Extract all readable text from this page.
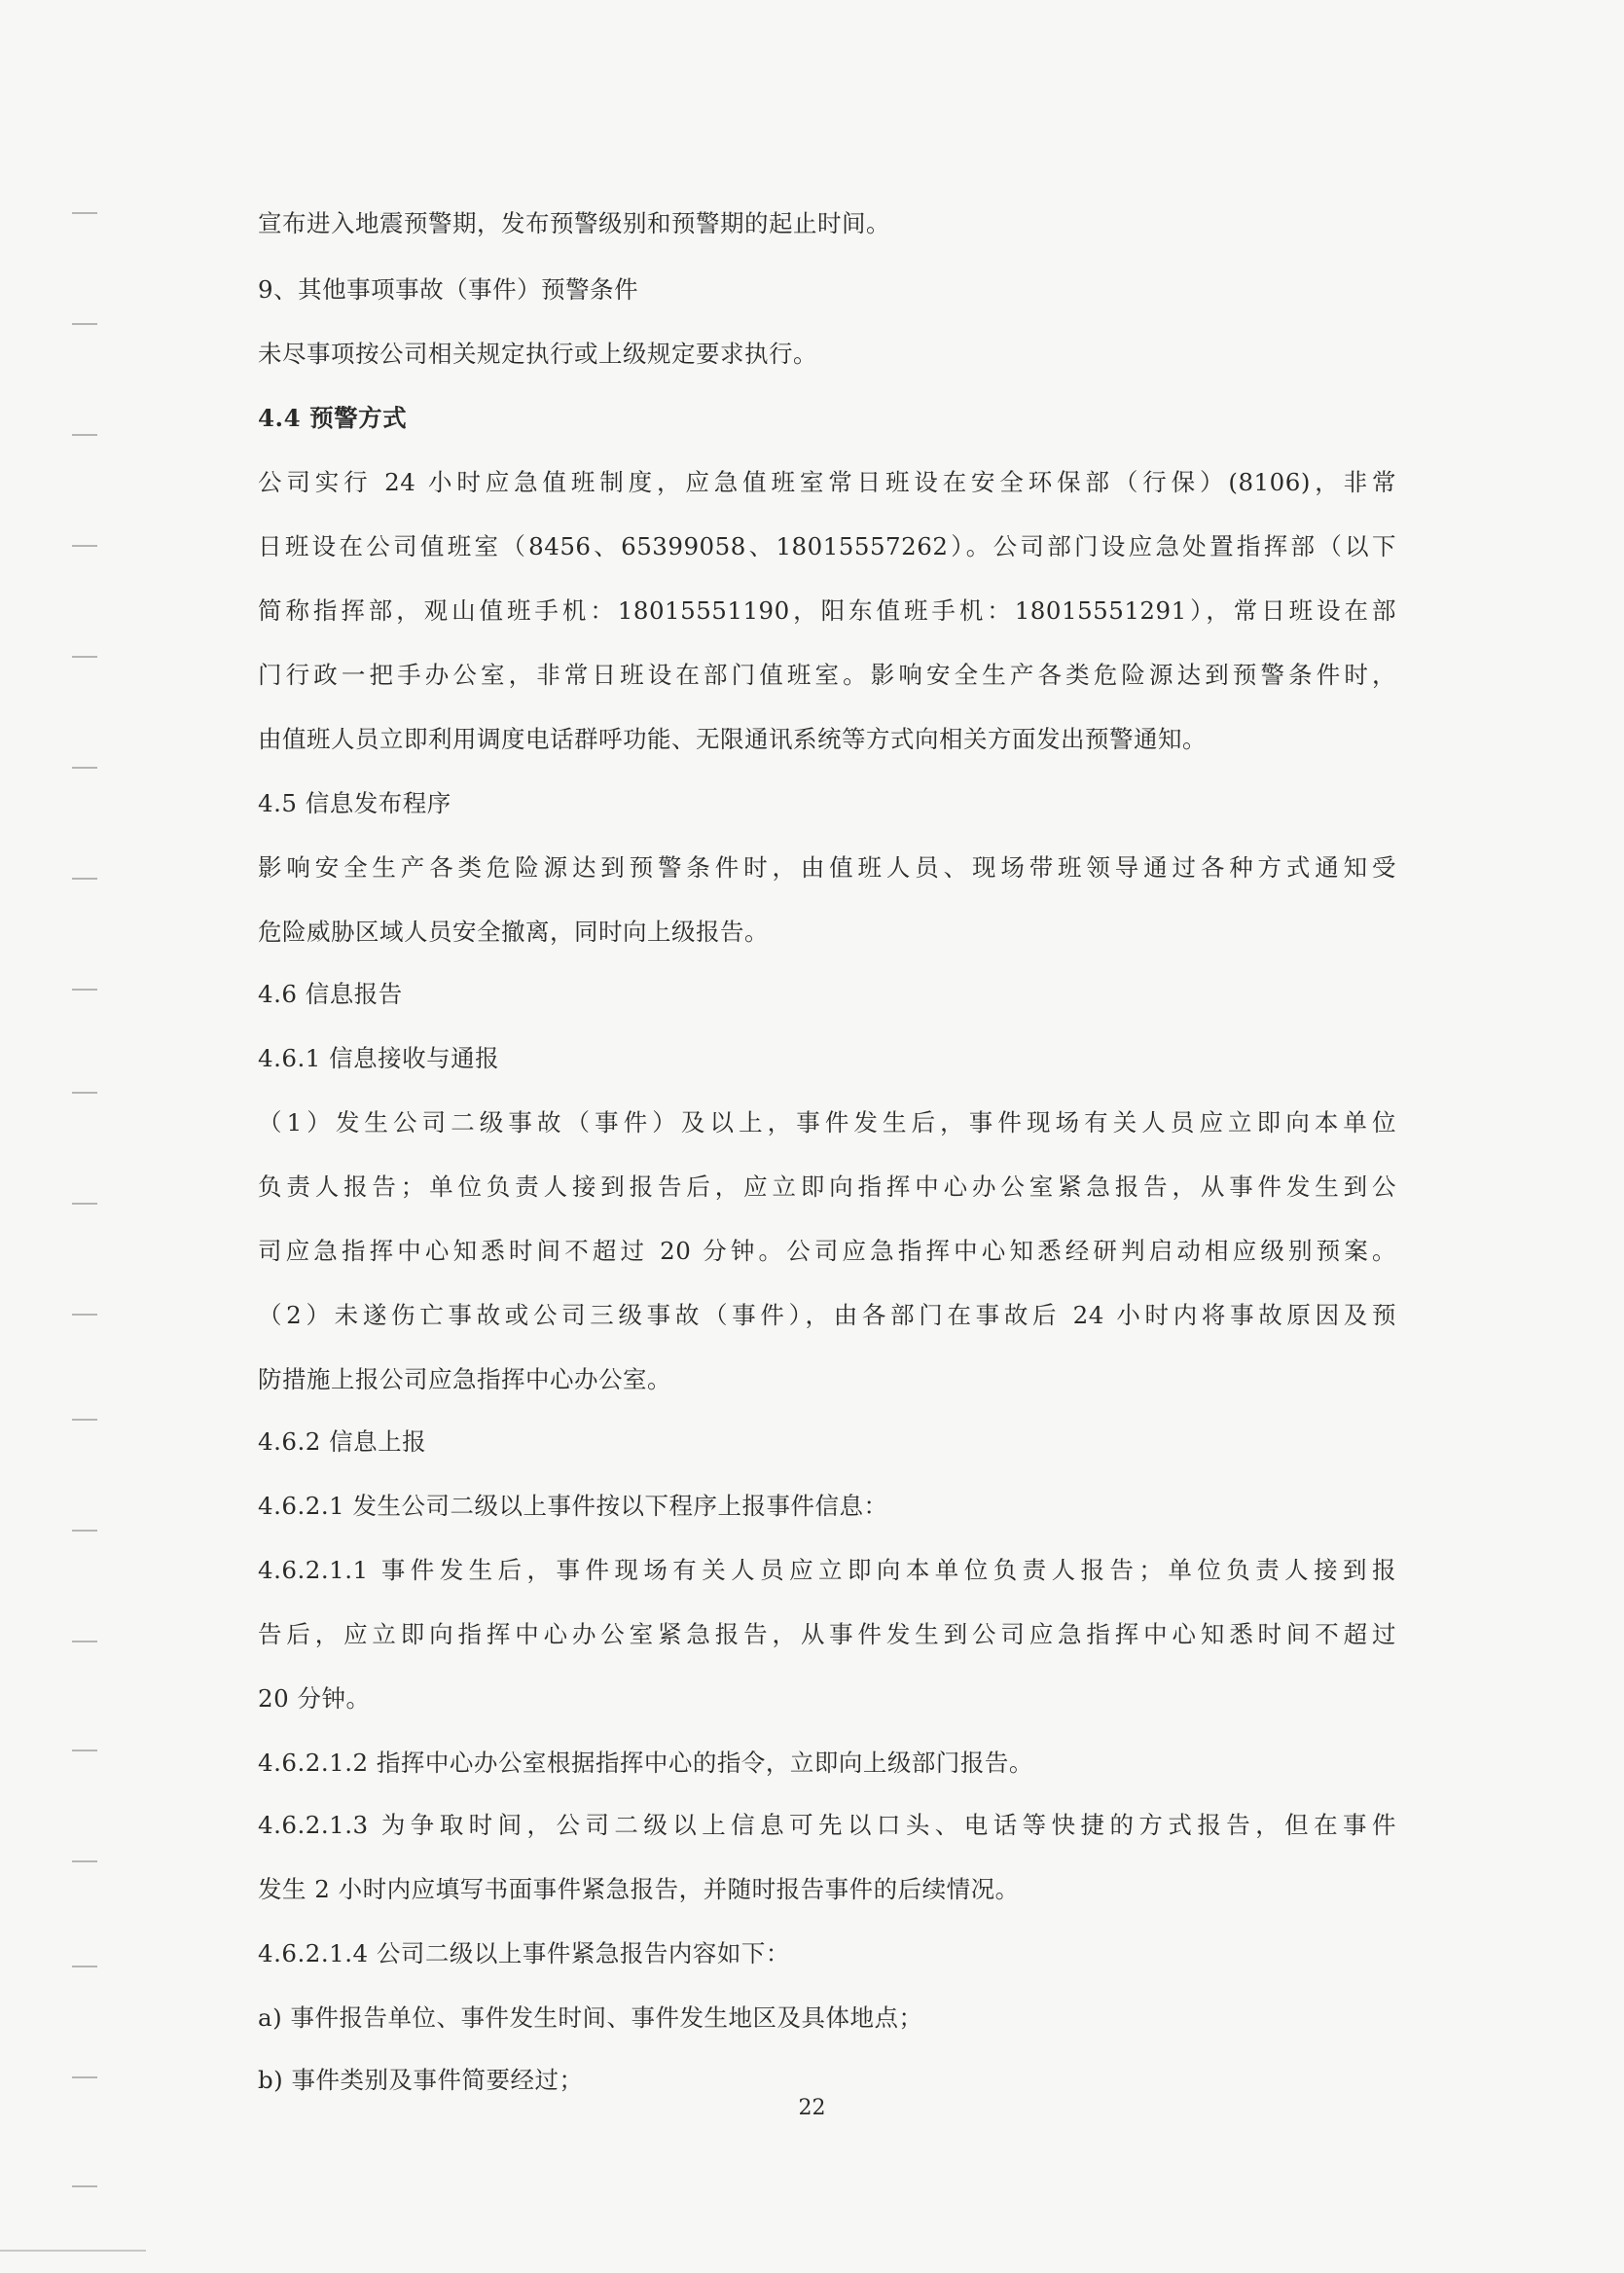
宣布进入地震预警期，发布预警级别和预警期的起止时间。
9、其他事项事故（事件）预警条件
未尽事项按公司相关规定执行或上级规定要求执行。
4.4 预警方式
公司实行 24 小时应急值班制度，应急值班室常日班设在安全环保部（行保）(8106)，非常
日班设在公司值班室（8456、65399058、18015557262）。公司部门设应急处置指挥部（以下
简称指挥部，观山值班手机：18015551190，阳东值班手机：18015551291），常日班设在部
门行政一把手办公室，非常日班设在部门值班室。影响安全生产各类危险源达到预警条件时，
由值班人员立即利用调度电话群呼功能、无限通讯系统等方式向相关方面发出预警通知。
4.5 信息发布程序
影响安全生产各类危险源达到预警条件时，由值班人员、现场带班领导通过各种方式通知受
危险威胁区域人员安全撤离，同时向上级报告。
4.6 信息报告
4.6.1 信息接收与通报
（1）发生公司二级事故（事件）及以上，事件发生后，事件现场有关人员应立即向本单位
负责人报告；单位负责人接到报告后，应立即向指挥中心办公室紧急报告，从事件发生到公
司应急指挥中心知悉时间不超过 20 分钟。公司应急指挥中心知悉经研判启动相应级别预案。
（2）未遂伤亡事故或公司三级事故（事件），由各部门在事故后 24 小时内将事故原因及预
防措施上报公司应急指挥中心办公室。
4.6.2 信息上报
4.6.2.1 发生公司二级以上事件按以下程序上报事件信息：
4.6.2.1.1 事件发生后，事件现场有关人员应立即向本单位负责人报告；单位负责人接到报
告后，应立即向指挥中心办公室紧急报告，从事件发生到公司应急指挥中心知悉时间不超过
20 分钟。
4.6.2.1.2 指挥中心办公室根据指挥中心的指令，立即向上级部门报告。
4.6.2.1.3 为争取时间，公司二级以上信息可先以口头、电话等快捷的方式报告，但在事件
发生 2 小时内应填写书面事件紧急报告，并随时报告事件的后续情况。
4.6.2.1.4 公司二级以上事件紧急报告内容如下：
a) 事件报告单位、事件发生时间、事件发生地区及具体地点；
b) 事件类别及事件简要经过；
22
